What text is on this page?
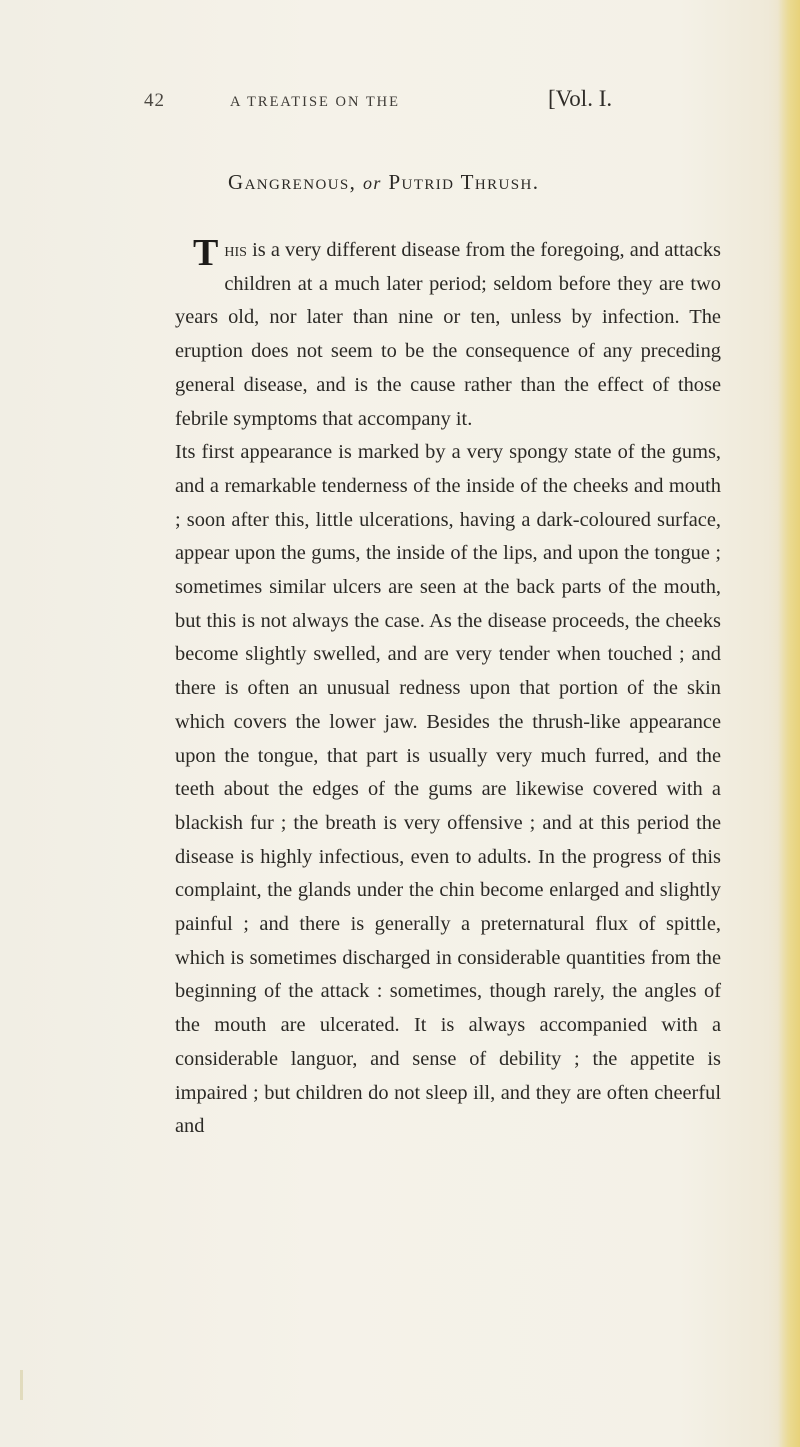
42	A TREATISE ON THE	[Vol. I.
Gangrenous, or Putrid Thrush.

This is a very different disease from the foregoing, and attacks children at a much later period; seldom before they are two years old, nor later than nine or ten, unless by infection. The eruption does not seem to be the consequence of any preceding general disease, and is the cause rather than the effect of those febrile symptoms that accompany it.

Its first appearance is marked by a very spongy state of the gums, and a remarkable tenderness of the inside of the cheeks and mouth ; soon after this, little ulcerations, having a dark-coloured surface, appear upon the gums, the inside of the lips, and upon the tongue ; sometimes similar ulcers are seen at the back parts of the mouth, but this is not always the case. As the disease proceeds, the cheeks become slightly swelled, and are very tender when touched ; and there is often an unusual redness upon that portion of the skin which covers the lower jaw. Besides the thrush-like appearance upon the tongue, that part is usually very much furred, and the teeth about the edges of the gums are likewise covered with a blackish fur ; the breath is very offensive ; and at this period the disease is highly infectious, even to adults. In the progress of this complaint, the glands under the chin become enlarged and slightly painful ; and there is generally a preternatural flux of spittle, which is sometimes discharged in considerable quantities from the beginning of the attack : sometimes, though rarely, the angles of the mouth are ulcerated. It is always accompanied with a considerable languor, and sense of debility ; the appetite is impaired ; but children do not sleep ill, and they are often cheerful and
